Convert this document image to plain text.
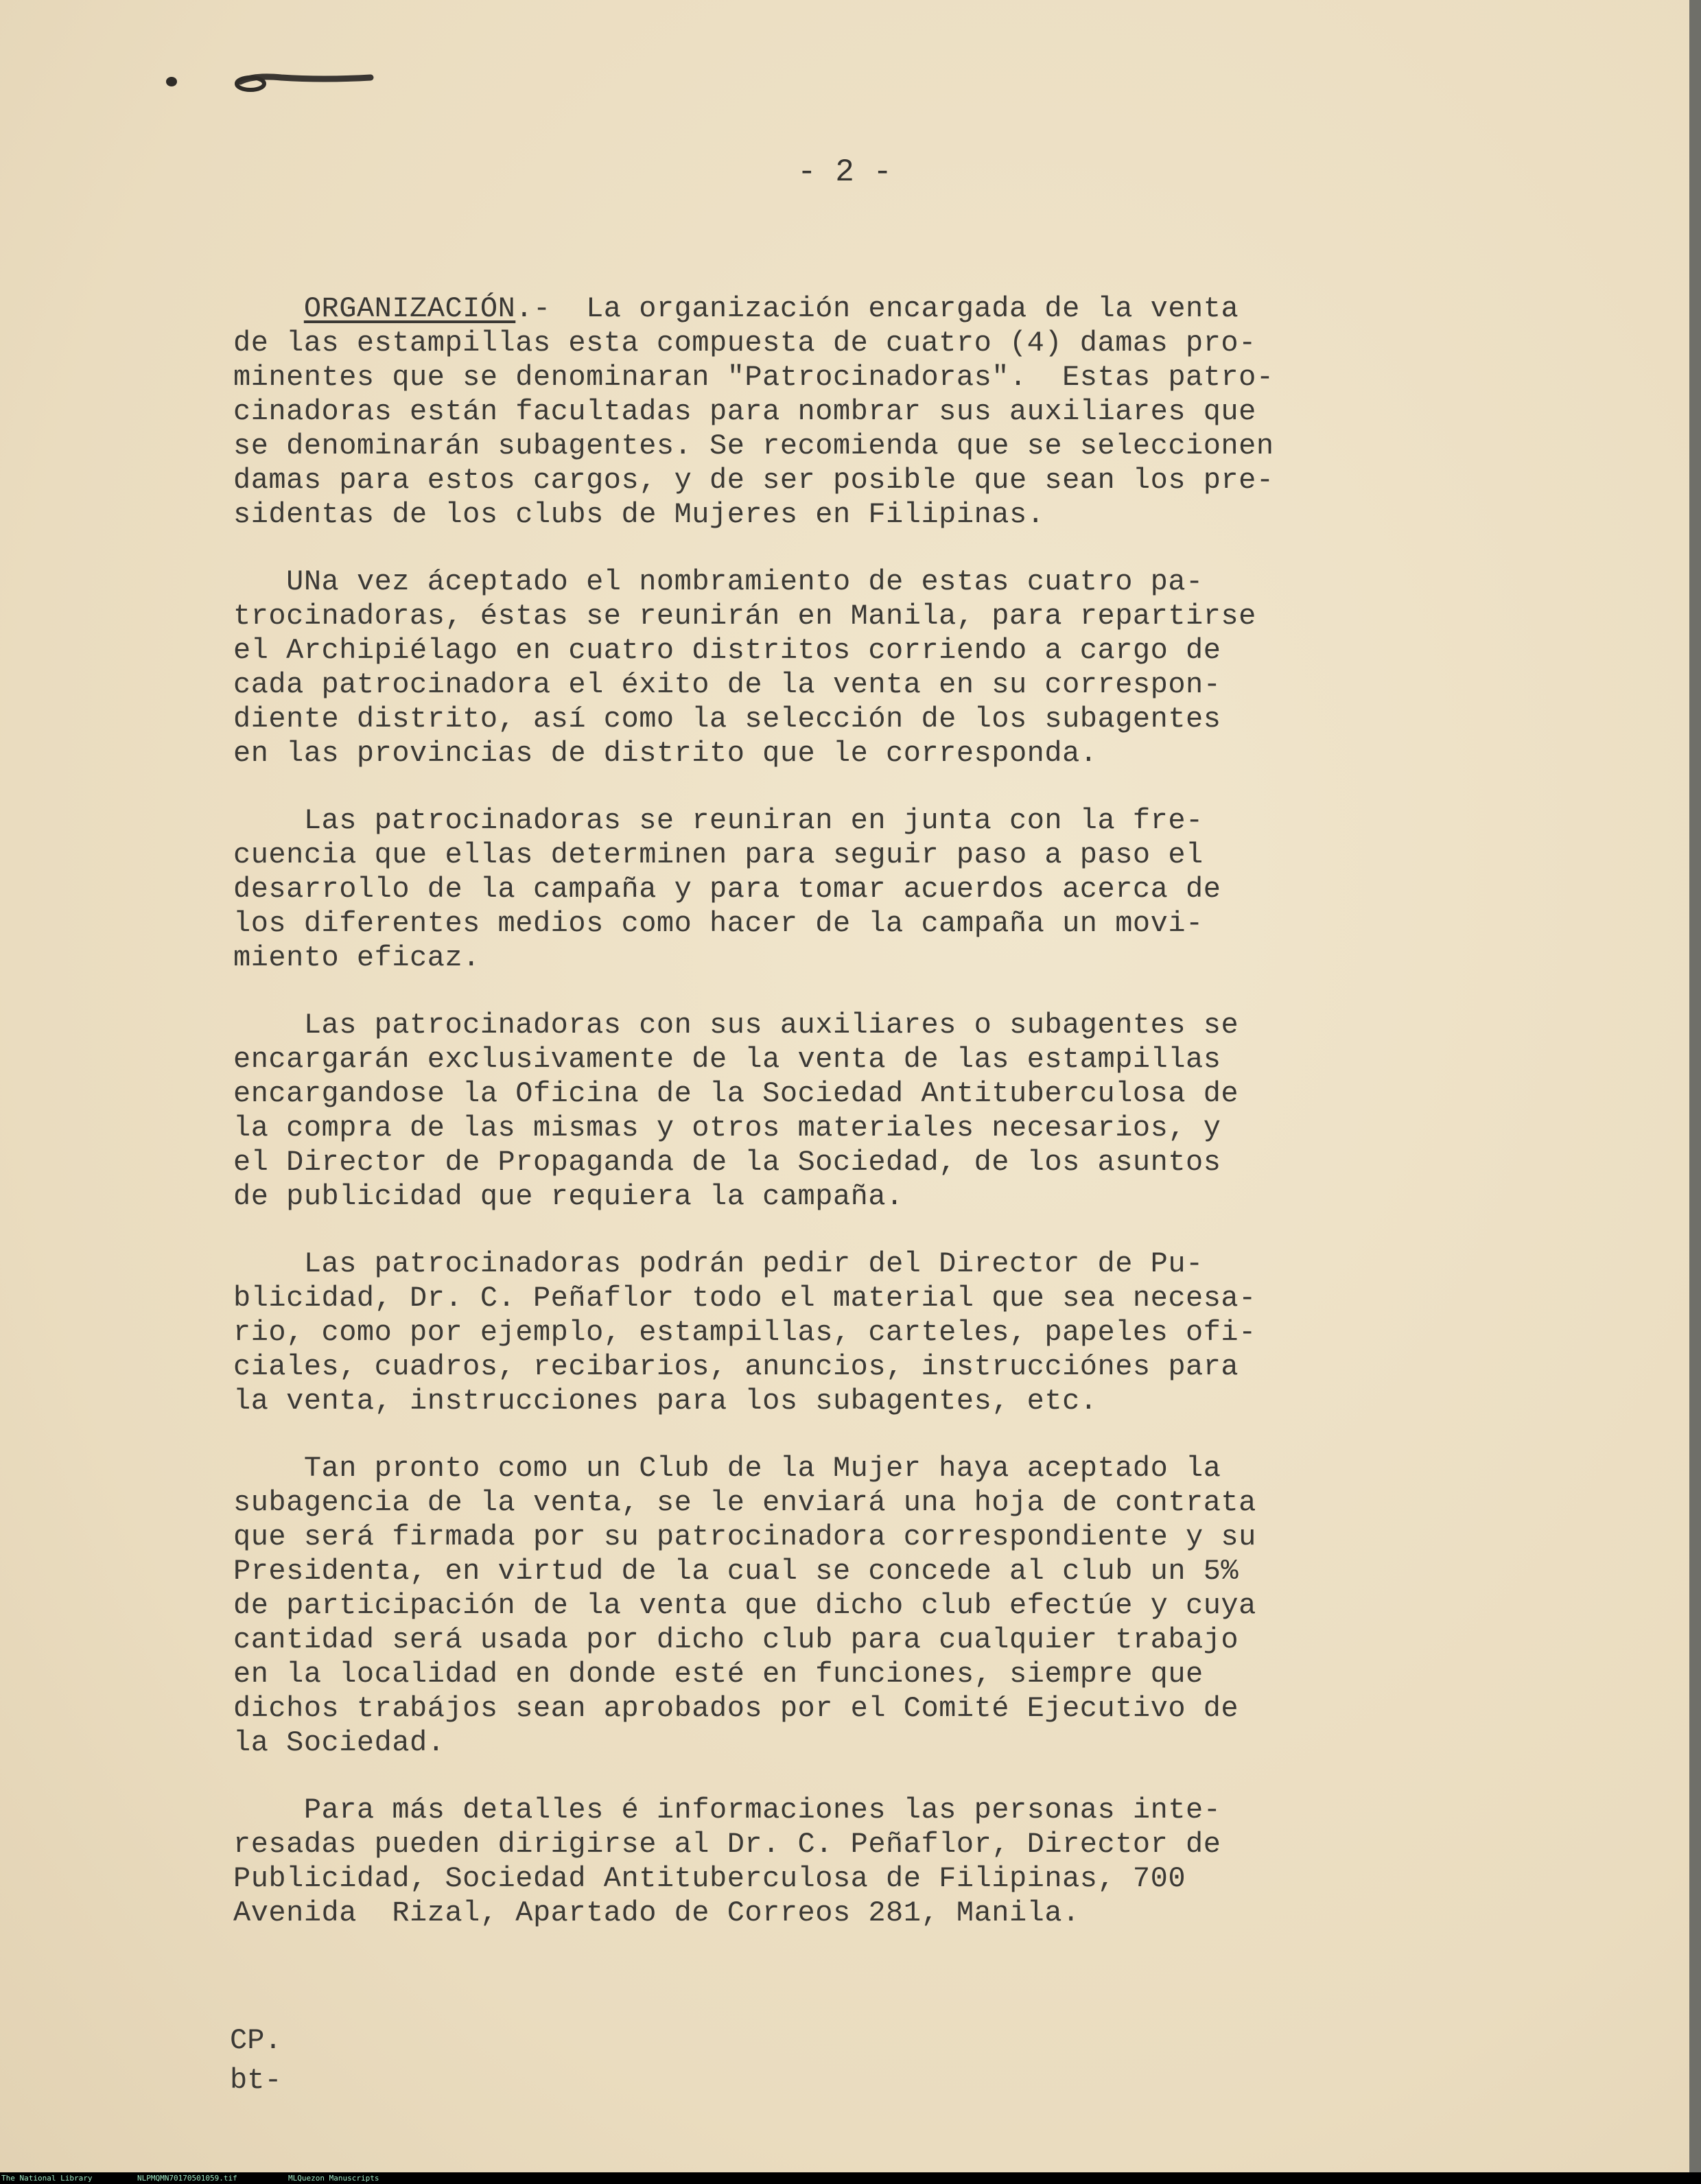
- 2 -
ORGANIZACIÓN.-  La organización encargada de la venta
de las estampillas esta compuesta de cuatro (4) damas pro-
minentes que se denominaran "Patrocinadoras".  Estas patro-
cinadoras están facultadas para nombrar sus auxiliares que
se denominarán subagentes. Se recomienda que se seleccionen
damas para estos cargos, y de ser posible que sean los pre-
sidentas de los clubs de Mujeres en Filipinas.
UNa vez áceptado el nombramiento de estas cuatro pa-
trocinadoras, éstas se reunirán en Manila, para repartirse
el Archipiélago en cuatro distritos corriendo a cargo de
cada patrocinadora el éxito de la venta en su correspon-
diente distrito, así como la selección de los subagentes
en las provincias de distrito que le corresponda.
Las patrocinadoras se reuniran en junta con la fre-
cuencia que ellas determinen para seguir paso a paso el
desarrollo de la campaña y para tomar acuerdos acerca de
los diferentes medios como hacer de la campaña un movi-
miento eficaz.
Las patrocinadoras con sus auxiliares o subagentes se
encargarán exclusivamente de la venta de las estampillas
encargandose la Oficina de la Sociedad Antituberculosa de
la compra de las mismas y otros materiales necesarios, y
el Director de Propaganda de la Sociedad, de los asuntos
de publicidad que requiera la campaña.
Las patrocinadoras podrán pedir del Director de Pu-
blicidad, Dr. C. Peñaflor todo el material que sea necesa-
rio, como por ejemplo, estampillas, carteles, papeles ofi-
ciales, cuadros, recibarios, anuncios, instrucciónes para
la venta, instrucciones para los subagentes, etc.
Tan pronto como un Club de la Mujer haya aceptado la
subagencia de la venta, se le enviará una hoja de contrata
que será firmada por su patrocinadora correspondiente y su
Presidenta, en virtud de la cual se concede al club un 5%
de participación de la venta que dicho club efectúe y cuya
cantidad será usada por dicho club para cualquier trabajo
en la localidad en donde esté en funciones, siempre que
dichos trabájos sean aprobados por el Comité Ejecutivo de
la Sociedad.
Para más detalles é informaciones las personas inte-
resadas pueden dirigirse al Dr. C. Peñaflor, Director de
Publicidad, Sociedad Antituberculosa de Filipinas, 700
Avenida  Rizal, Apartado de Correos 281, Manila.
CP.
bt-
The National Library	NLPMQMN70170501059.tif	MLQuezon Manuscripts
